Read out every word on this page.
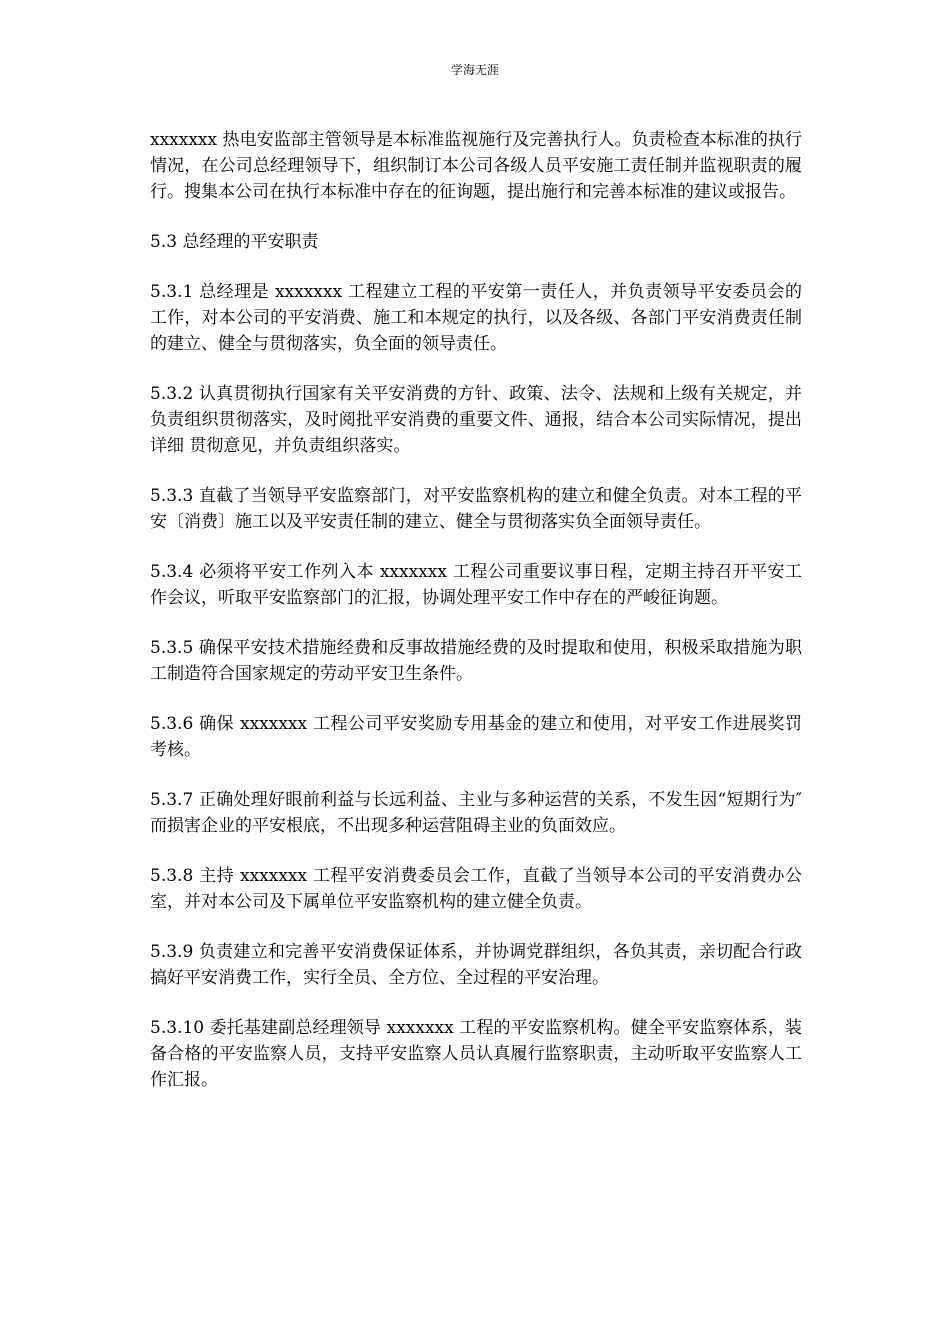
学海无涯

xxxxxxx 热电安监部主管领导是本标准监视施行及完善执行人。负责检查本标准的执行情况，在公司总经理领导下，组织制订本公司各级人员平安施工责任制并监视职责的履行。搜集本公司在执行本标准中存在的征询题，提出施行和完善本标准的建议或报告。

5.3 总经理的平安职责

5.3.1 总经理是 xxxxxxx 工程建立工程的平安第一责任人，并负责领导平安委员会的工作，对本公司的平安消费、施工和本规定的执行，以及各级、各部门平安消费责任制的建立、健全与贯彻落实，负全面的领导责任。

5.3.2 认真贯彻执行国家有关平安消费的方针、政策、法令、法规和上级有关规定，并负责组织贯彻落实，及时阅批平安消费的重要文件、通报，结合本公司实际情况，提出详细 贯彻意见，并负责组织落实。

5.3.3 直截了当领导平安监察部门，对平安监察机构的建立和健全负责。对本工程的平安〔消费〕施工以及平安责任制的建立、健全与贯彻落实负全面领导责任。

5.3.4 必须将平安工作列入本 xxxxxxx 工程公司重要议事日程，定期主持召开平安工作会议，听取平安监察部门的汇报，协调处理平安工作中存在的严峻征询题。

5.3.5 确保平安技术措施经费和反事故措施经费的及时提取和使用，积极采取措施为职工制造符合国家规定的劳动平安卫生条件。

5.3.6 确保 xxxxxxx 工程公司平安奖励专用基金的建立和使用，对平安工作进展奖罚考核。

5.3.7 正确处理好眼前利益与长远利益、主业与多种运营的关系，不发生因“短期行为″ 而损害企业的平安根底，不出现多种运营阻碍主业的负面效应。

5.3.8 主持 xxxxxxx 工程平安消费委员会工作，直截了当领导本公司的平安消费办公室，并对本公司及下属单位平安监察机构的建立健全负责。

5.3.9 负责建立和完善平安消费保证体系，并协调党群组织，各负其责，亲切配合行政搞好平安消费工作，实行全员、全方位、全过程的平安治理。

5.3.10 委托基建副总经理领导 xxxxxxx 工程的平安监察机构。健全平安监察体系，装备合格的平安监察人员，支持平安监察人员认真履行监察职责，主动听取平安监察人工作汇报。
